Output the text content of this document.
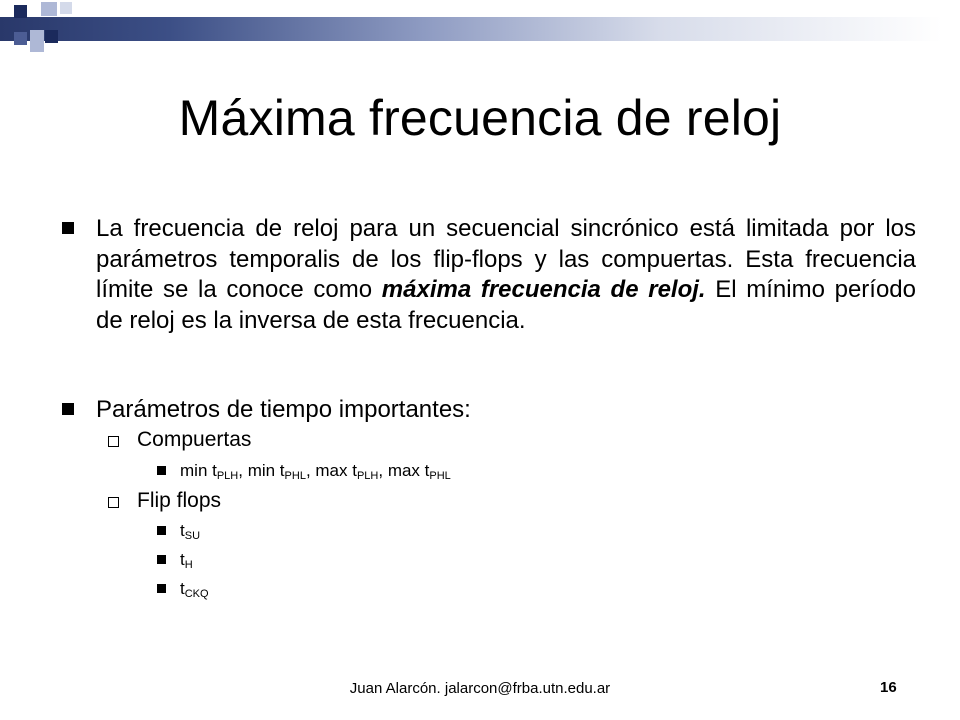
Máxima frecuencia de reloj

La frecuencia de reloj para un secuencial sincrónico está limitada por los parámetros temporalis de los flip-flops y las compuertas. Esta frecuencia límite se la conoce como máxima frecuencia de reloj. El mínimo período de reloj es la inversa de esta frecuencia.

Parámetros de tiempo importantes:
Compuertas
$\min t_{PLH}$, $\min t_{PHL}$, $\max t_{PLH}$, $\max t_{PHL}$
Flip flops
$t_{SU}$
$t_H$
$t_{CKQ}$
Juan Alarcón. jalarcon@frba.utn.edu.ar	16
